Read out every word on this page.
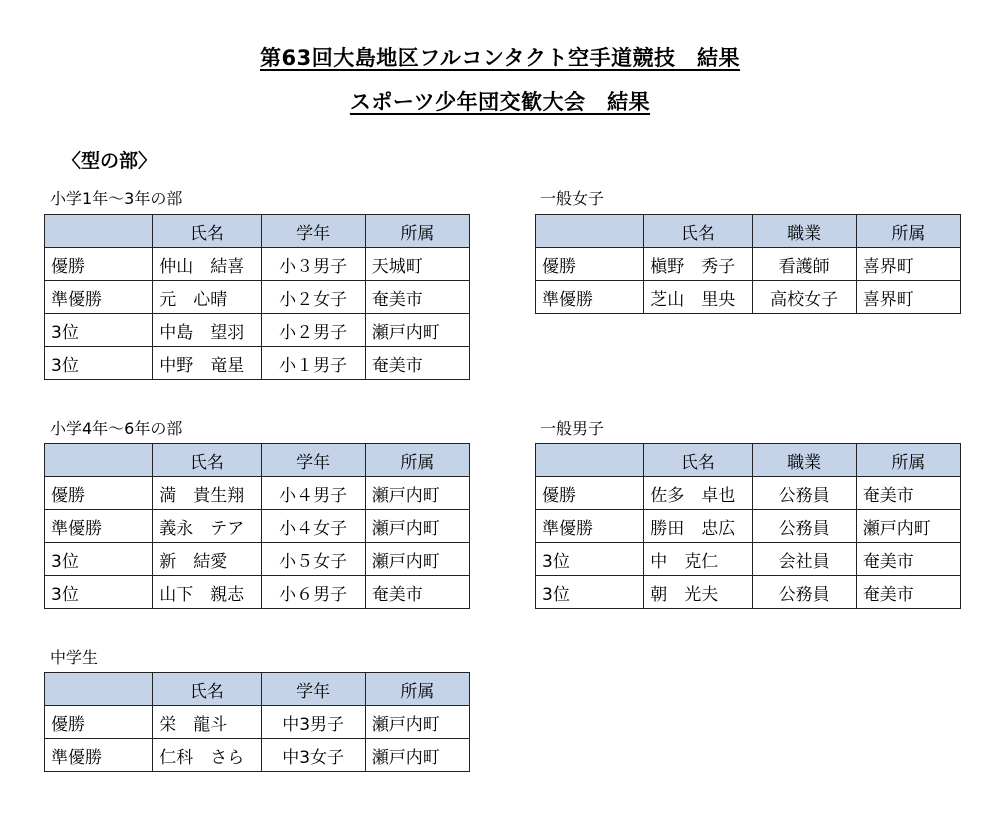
第63回大島地区フルコンタクト空手道競技　結果
スポーツ少年団交歓大会　結果
〈型の部〉
小学1年〜3年の部
	氏名	学年	所属
優勝	仲山　結喜	小３男子	天城町
準優勝	元　心晴	小２女子	奄美市
3位	中島　望羽	小２男子	瀬戸内町
3位	中野　竜星	小１男子	奄美市
小学4年〜6年の部
	氏名	学年	所属
優勝	満　貴生翔	小４男子	瀬戸内町
準優勝	義永　テア	小４女子	瀬戸内町
3位	新　結愛	小５女子	瀬戸内町
3位	山下　親志	小６男子	奄美市
中学生
	氏名	学年	所属
優勝	栄　龍斗	中3男子	瀬戸内町
準優勝	仁科　さら	中3女子	瀬戸内町
一般女子
	氏名	職業	所属
優勝	槇野　秀子	看護師	喜界町
準優勝	芝山　里央	高校女子	喜界町
一般男子
	氏名	職業	所属
優勝	佐多　卓也	公務員	奄美市
準優勝	勝田　忠広	公務員	瀬戸内町
3位	中　克仁	会社員	奄美市
3位	朝　光夫	公務員	奄美市
